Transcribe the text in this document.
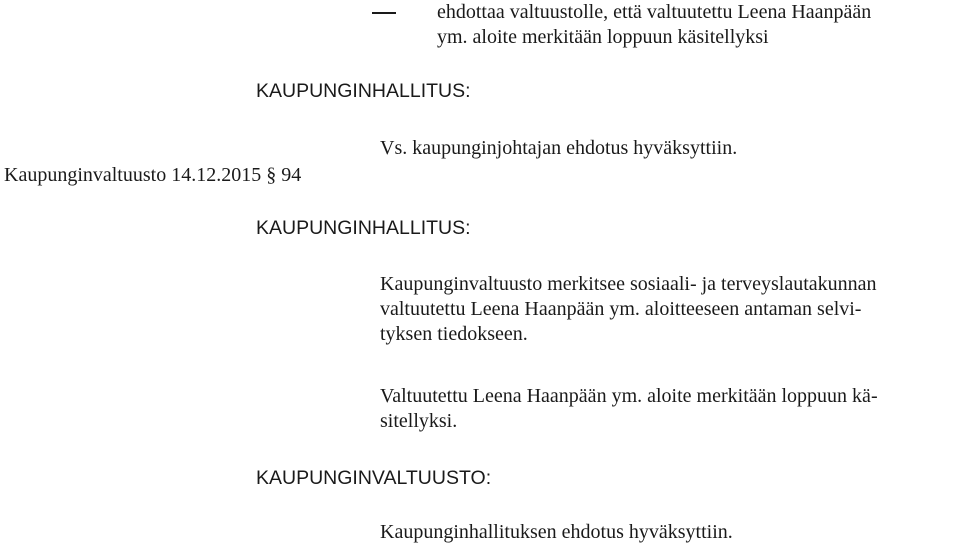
ehdottaa valtuustolle, että valtuutettu Leena Haanpään
ym. aloite merkitään loppuun käsitellyksi
KAUPUNGINHALLITUS:
Vs. kaupunginjohtajan ehdotus hyväksyttiin.
Kaupunginvaltuusto 14.12.2015 § 94
KAUPUNGINHALLITUS:
Kaupunginvaltuusto merkitsee sosiaali- ja terveyslautakunnan
valtuutettu Leena Haanpään ym. aloitteeseen antaman selvi-
tyksen tiedokseen.
Valtuutettu Leena Haanpään ym. aloite merkitään loppuun kä-
sitellyksi.
KAUPUNGINVALTUUSTO:
Kaupunginhallituksen ehdotus hyväksyttiin.
